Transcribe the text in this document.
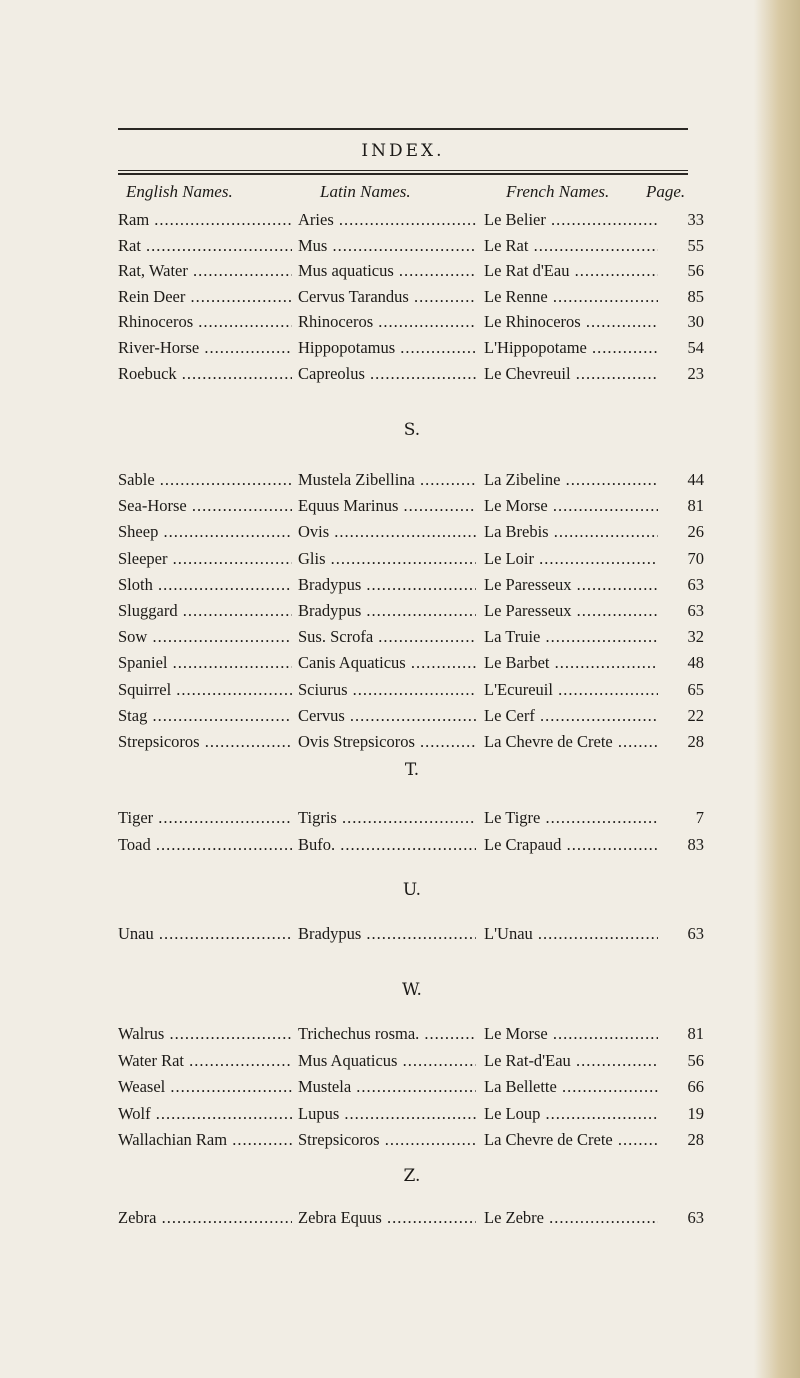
INDEX.
English Names.	Latin Names.	French Names. Page.
Ram .....	Aries .....	Le Belier .....	33
Rat .....	Mus .....	Le Rat .....	55
Rat, Water .....	Mus aquaticus .....	Le Rat d'Eau .....	56
Rein Deer .....	Cervus Tarandus .....	Le Renne .....	85
Rhinoceros .....	Rhinoceros .....	Le Rhinoceros .....	30
River-Horse .....	Hippopotamus .....	L'Hippopotame .....	54
Roebuck .....	Capreolus .....	Le Chevreuil .....	23
S.
Sable .....	Mustela Zibellina .....	La Zibeline .....	44
Sea-Horse .....	Equus Marinus .....	Le Morse .....	81
Sheep .....	Ovis .....	La Brebis .....	26
Sleeper .....	Glis .....	Le Loir .....	70
Sloth .....	Bradypus .....	Le Paresseux .....	63
Sluggard .....	Bradypus .....	Le Paresseux .....	63
Sow .....	Sus. Scrofa .....	La Truie .....	32
Spaniel .....	Canis Aquaticus .....	Le Barbet .....	48
Squirrel .....	Sciurus .....	L'Ecureuil .....	65
Stag .....	Cervus .....	Le Cerf .....	22
Strepsicoros .....	Ovis Strepsicoros .....	La Chevre de Crete .....	28
T.
Tiger .....	Tigris .....	Le Tigre .....	7
Toad .....	Bufo. .....	Le Crapaud .....	83
U.
Unau .....	Bradypus .....	L'Unau .....	63
W.
Walrus .....	Trichechus rosma. .....	Le Morse .....	81
Water Rat .....	Mus Aquaticus .....	Le Rat-d'Eau .....	56
Weasel .....	Mustela .....	La Bellette .....	66
Wolf .....	Lupus .....	Le Loup .....	19
Wallachian Ram .....	Strepsicoros .....	La Chevre de Crete .....	28
Z.
Zebra .....	Zebra Equus .....	Le Zebre .....	63
